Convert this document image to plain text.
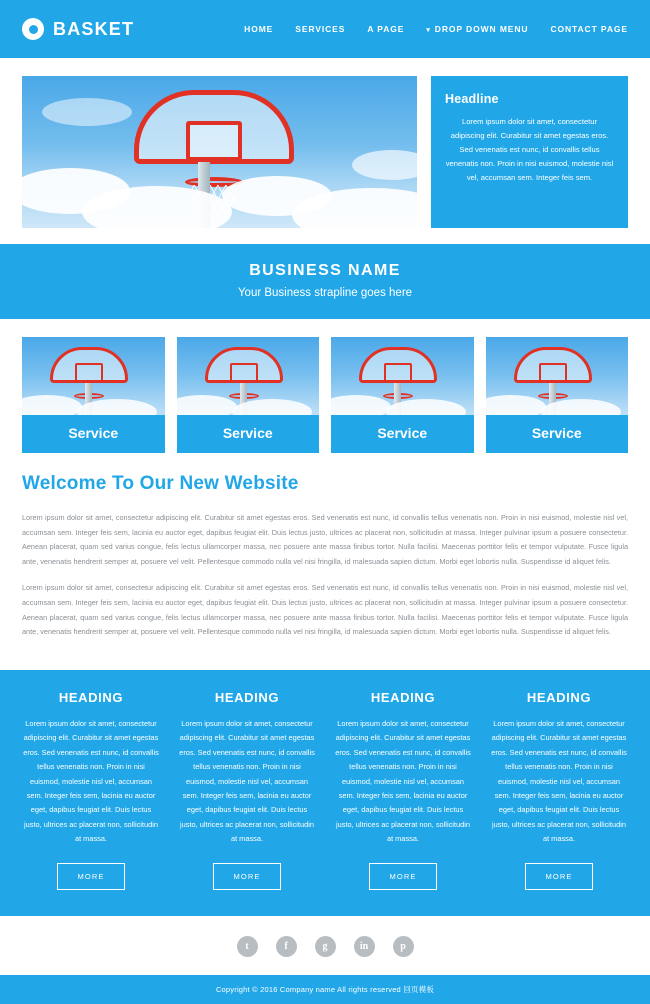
BASKET	HOME	SERVICES	A PAGE	▾ DROP DOWN MENU	CONTACT PAGE
Headline

Lorem ipsum dolor sit amet, consectetur adipiscing elit. Curabitur sit amet egestas eros. Sed venenatis est nunc, id convallis tellus venenatis non. Proin in nisi euismod, molestie nisl vel, accumsan sem. Integer feis sem.

BUSINESS NAME

Your Business strapline goes here

Service	Service	Service	Service
Welcome To Our New Website

Lorem ipsum dolor sit amet, consectetur adipiscing elit. Curabitur sit amet egestas eros. Sed venenatis est nunc, id convallis tellus venenatis non. Proin in nisi euismod, molestie nisl vel, accumsan sem. Integer feis sem, lacinia eu auctor eget, dapibus feugiat elit. Duis lectus justo, ultrices ac placerat non, sollicitudin at massa. Integer pulvinar ipsum a posuere consectetur. Aenean placerat, quam sed varius congue, felis lectus ullamcorper massa, nec posuere ante massa finibus tortor. Nulla facilisi. Maecenas porttitor felis et tempor vulputate. Fusce ligula ante, venenatis hendrerit semper at, posuere vel velit. Pellentesque commodo nulla vel nisi fringilla, id malesuada sapien dictum. Morbi eget lobortis nulla. Suspendisse id aliquet felis.

Lorem ipsum dolor sit amet, consectetur adipiscing elit. Curabitur sit amet egestas eros. Sed venenatis est nunc, id convallis tellus venenatis non. Proin in nisi euismod, molestie nisl vel, accumsan sem. Integer feis sem, lacinia eu auctor eget, dapibus feugiat elit. Duis lectus justo, ultrices ac placerat non, sollicitudin at massa. Integer pulvinar ipsum a posuere consectetur. Aenean placerat, quam sed varius congue, felis lectus ullamcorper massa, nec posuere ante massa finibus tortor. Nulla facilisi. Maecenas porttitor felis et tempor vulputate. Fusce ligula ante, venenatis hendrerit semper at, posuere vel velit. Pellentesque commodo nulla vel nisi fringilla, id malesuada sapien dictum. Morbi eget lobortis nulla. Suspendisse id aliquet felis.

HEADING

Lorem ipsum dolor sit amet, consectetur adipiscing elit. Curabitur sit amet egestas eros. Sed venenatis est nunc, id convallis tellus venenatis non. Proin in nisi euismod, molestie nisl vel, accumsan sem. Integer feis sem, lacinia eu auctor eget, dapibus feugiat elit. Duis lectus justo, ultrices ac placerat non, sollicitudin at massa.

MORE
HEADING

Lorem ipsum dolor sit amet, consectetur adipiscing elit. Curabitur sit amet egestas eros. Sed venenatis est nunc, id convallis tellus venenatis non. Proin in nisi euismod, molestie nisl vel, accumsan sem. Integer feis sem, lacinia eu auctor eget, dapibus feugiat elit. Duis lectus justo, ultrices ac placerat non, sollicitudin at massa.

MORE
HEADING

Lorem ipsum dolor sit amet, consectetur adipiscing elit. Curabitur sit amet egestas eros. Sed venenatis est nunc, id convallis tellus venenatis non. Proin in nisi euismod, molestie nisl vel, accumsan sem. Integer feis sem, lacinia eu auctor eget, dapibus feugiat elit. Duis lectus justo, ultrices ac placerat non, sollicitudin at massa.

MORE
HEADING

Lorem ipsum dolor sit amet, consectetur adipiscing elit. Curabitur sit amet egestas eros. Sed venenatis est nunc, id convallis tellus venenatis non. Proin in nisi euismod, molestie nisl vel, accumsan sem. Integer feis sem, lacinia eu auctor eget, dapibus feugiat elit. Duis lectus justo, ultrices ac placerat non, sollicitudin at massa.

MORE
t	f	g	in	p
Copyright © 2016 Company name All rights reserved 回页模板
